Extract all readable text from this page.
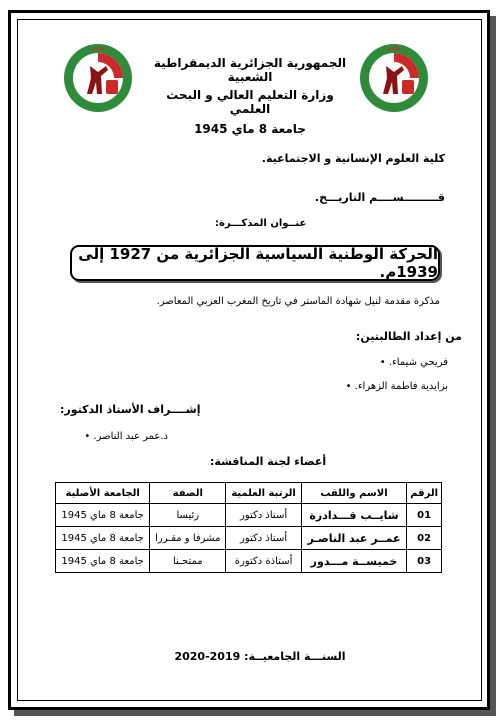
قالمة	قالمة
الجمهورية الجزائرية الديمقراطية الشعبية
وزارة التعليم العالي و البحث العلمي
جامعة 8 ماي 1945
كلية العلوم الإنسانية و الاجتماعية.
قـــــــــســــم التاريـــخ.
عنــوان المذكـــرة:
الحركة الوطنية السياسية الجزائرية من 1927 إلى 1939م.
مذكرة مقدمة لنيل شهادة الماستر في تاريخ المغرب العربي المعاصر.
من إعداد الطالبتين:
فريحي شيماء. •
بزايدية فاطمة الزهراء. •
إشــــراف الأستاذ الدكتور:
د.عمر عبد الناصر. •
أعضاء لجنة المناقشة:
الرقم	الاسم واللقب	الرتبة العلمية	الصفة	الجامعة الأصلية
01	شايــب قـــدادرة	أستاذ دكتور	رئيسا	جامعة 8 ماي 1945
02	عمــر عبد الناصـر	أستاذ دكتور	مشرفا و مقـررا	جامعة 8 ماي 1945
03	خميســة مـــدور	أستاذة دكتورة	ممتحـنا	جامعة 8 ماي 1945
السنـــة الجامعيــة: 2019-2020
